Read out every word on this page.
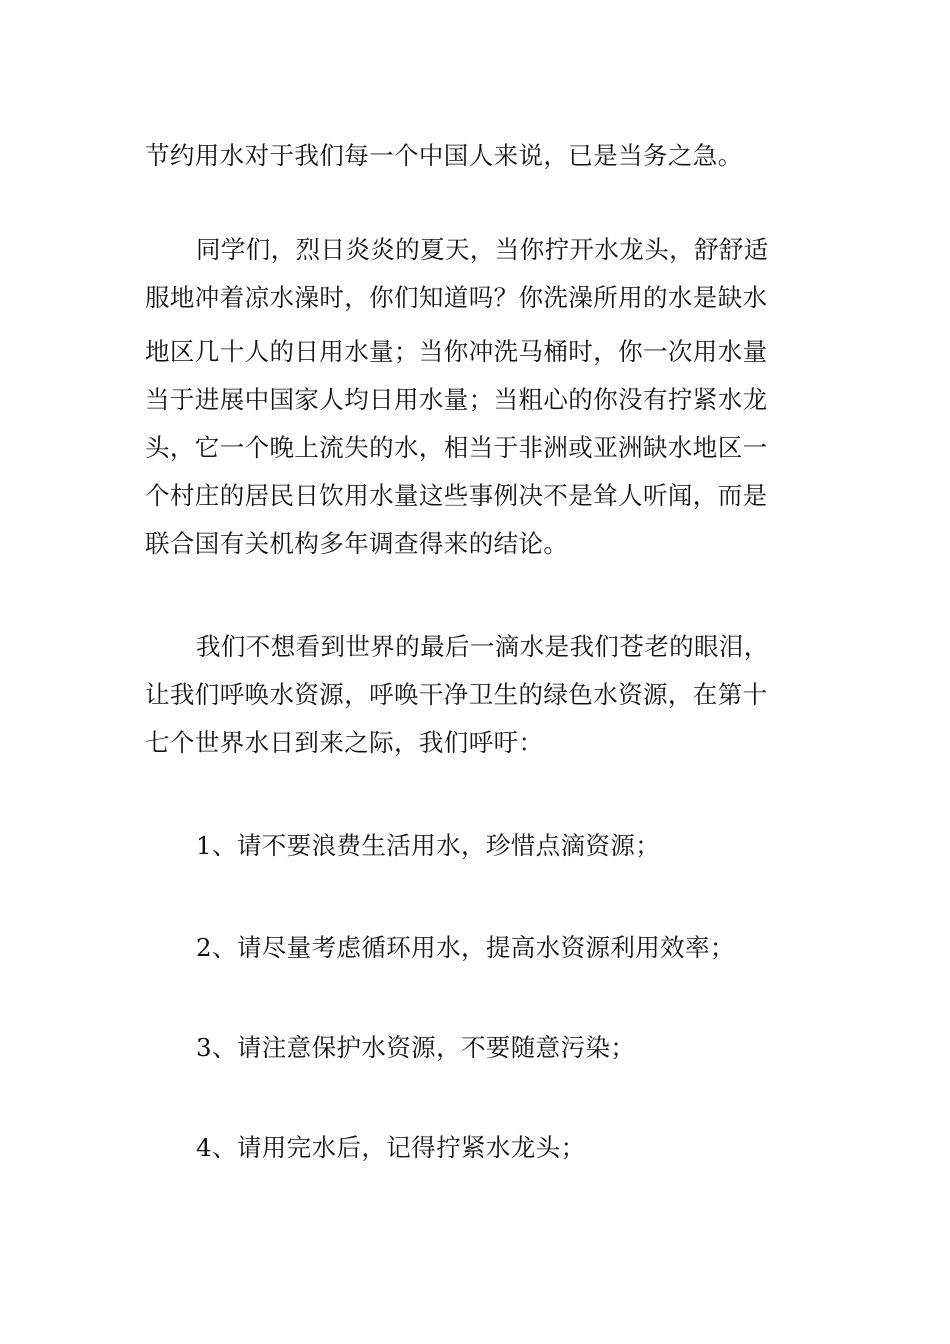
节约用水对于我们每一个中国人来说，已是当务之急。
同学们，烈日炎炎的夏天，当你拧开水龙头，舒舒适
服地冲着凉水澡时，你们知道吗？你洗澡所用的水是缺水
地区几十人的日用水量；当你冲洗马桶时，你一次用水量
当于进展中国家人均日用水量；当粗心的你没有拧紧水龙
头，它一个晚上流失的水，相当于非洲或亚洲缺水地区一
个村庄的居民日饮用水量这些事例决不是耸人听闻，而是
联合国有关机构多年调查得来的结论。
我们不想看到世界的最后一滴水是我们苍老的眼泪，
让我们呼唤水资源，呼唤干净卫生的绿色水资源，在第十
七个世界水日到来之际，我们呼吁：
1、请不要浪费生活用水，珍惜点滴资源；
2、请尽量考虑循环用水，提高水资源利用效率；
3、请注意保护水资源，不要随意污染；
4、请用完水后，记得拧紧水龙头；
